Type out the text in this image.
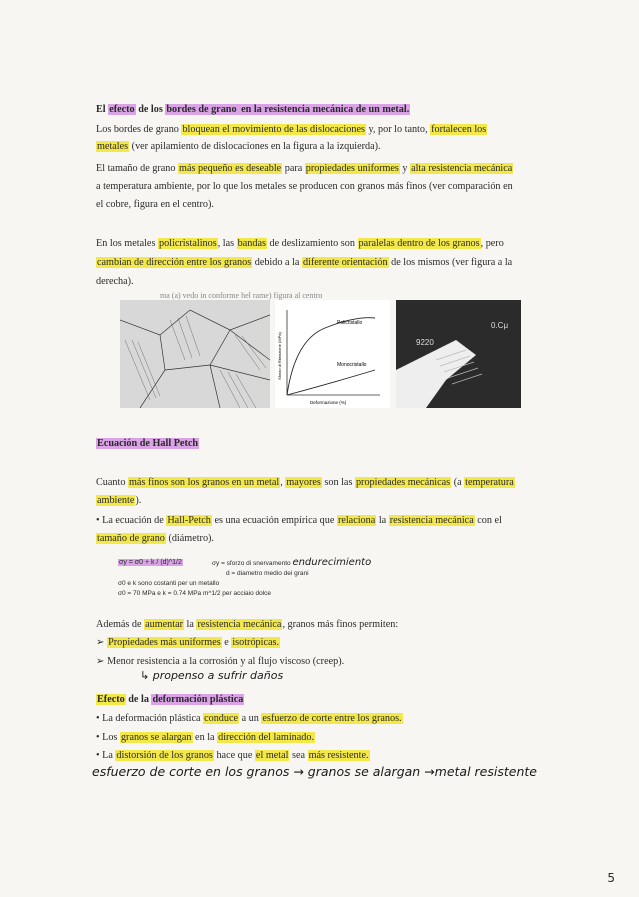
El efecto de los bordes de grano en la resistencia mecánica de un metal.
Los bordes de grano bloquean el movimiento de las dislocaciones y, por lo tanto, fortalecen los
metales (ver apilamiento de dislocaciones en la figura a la izquierda).
El tamaño de grano más pequeño es deseable para propiedades uniformes y alta resistencia mecánica
a temperatura ambiente, por lo que los metales se producen con granos más finos (ver comparación en
el cobre, figura en el centro).
En los metales policristalinos, las bandas de deslizamiento son paralelas dentro de los granos, pero
cambian de dirección entre los granos debido a la diferente orientación de los mismos (ver figura a la
derecha).
ma (a) vedo in conforme hel rame) figura al centro
Policristallo
Monocristallo
Deformazione (%)
Sforzo di Ritenzione (MPa)
0.Cμ
9220
Ecuación de Hall Petch
Cuanto más finos son los granos en un metal, mayores son las propiedades mecánicas (a temperatura
ambiente).
• La ecuación de Hall-Petch es una ecuación empírica que relaciona la resistencia mecánica con el
tamaño de grano (diámetro).
σy = σ0 + k / (d)^1/2	σy = sforzo di snervamento endurecimiento
d = diametro medio dei grani
σ0 e k sono costanti per un metallo
σ0 = 70 MPa e k = 0.74 MPa m^1/2 per acciaio dolce
Además de aumentar la resistencia mecánica, granos más finos permiten:
➢ Propiedades más uniformes e isotrópicas.
➢ Menor resistencia a la corrosión y al flujo viscoso (creep).
↳ propenso a sufrir daños
Efecto de la deformación plástica
• La deformación plástica conduce a un esfuerzo de corte entre los granos.
• Los granos se alargan en la dirección del laminado.
• La distorsión de los granos hace que el metal sea más resistente.
esfuerzo de corte en los granos → granos se alargan →metal resistente
5
